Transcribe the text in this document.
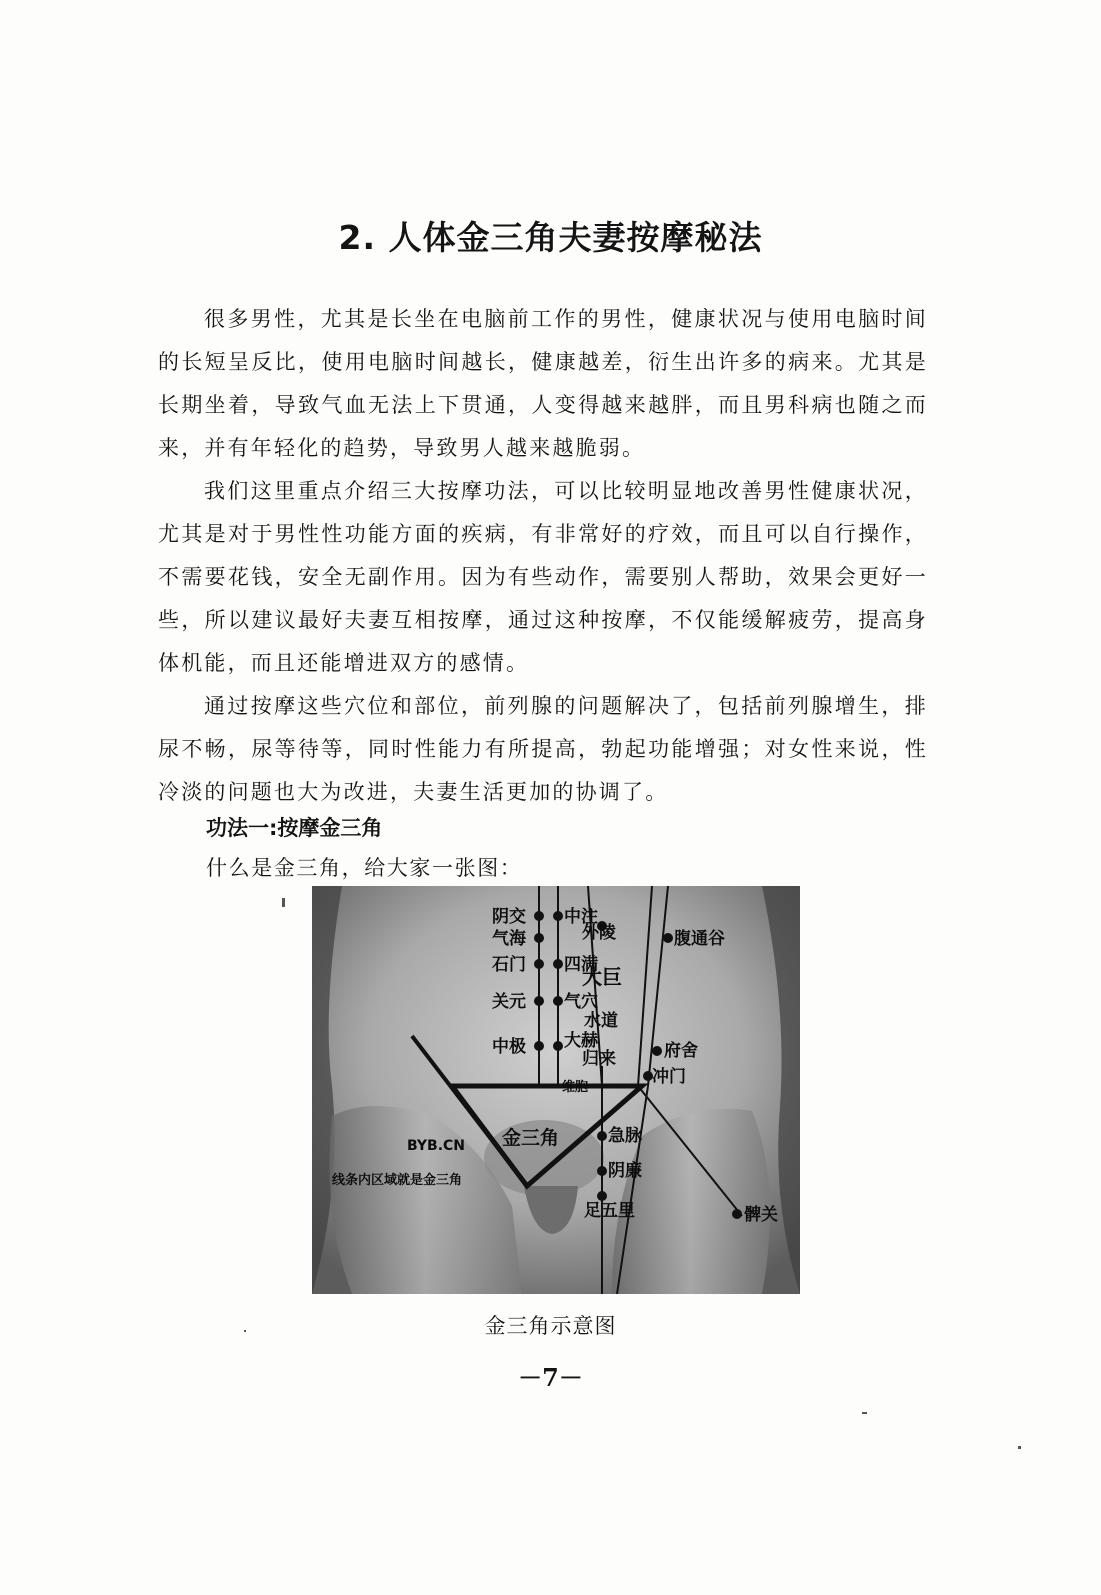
2. 人体金三角夫妻按摩秘法

很多男性，尤其是长坐在电脑前工作的男性，健康状况与使用电脑时间的长短呈反比，使用电脑时间越长，健康越差，衍生出许多的病来。尤其是长期坐着，导致气血无法上下贯通，人变得越来越胖，而且男科病也随之而来，并有年轻化的趋势，导致男人越来越脆弱。

我们这里重点介绍三大按摩功法，可以比较明显地改善男性健康状况，尤其是对于男性性功能方面的疾病，有非常好的疗效，而且可以自行操作，不需要花钱，安全无副作用。因为有些动作，需要别人帮助，效果会更好一些，所以建议最好夫妻互相按摩，通过这种按摩，不仅能缓解疲劳，提高身体机能，而且还能增进双方的感情。

通过按摩这些穴位和部位，前列腺的问题解决了，包括前列腺增生，排尿不畅，尿等待等，同时性能力有所提高，勃起功能增强；对女性来说，性冷淡的问题也大为改进，夫妻生活更加的协调了。

功法一:按摩金三角
什么是金三角，给大家一张图：
阴交 中注
气海	外陵
石门 四满
大巨
关元 气穴
水道
中极 大赫
归来
腹通谷
府舍
冲门
急脉
阴廉
足五里	髀关
维胞
金三角
BYB.CN
线条内区域就是金三角
金三角示意图
－7－
